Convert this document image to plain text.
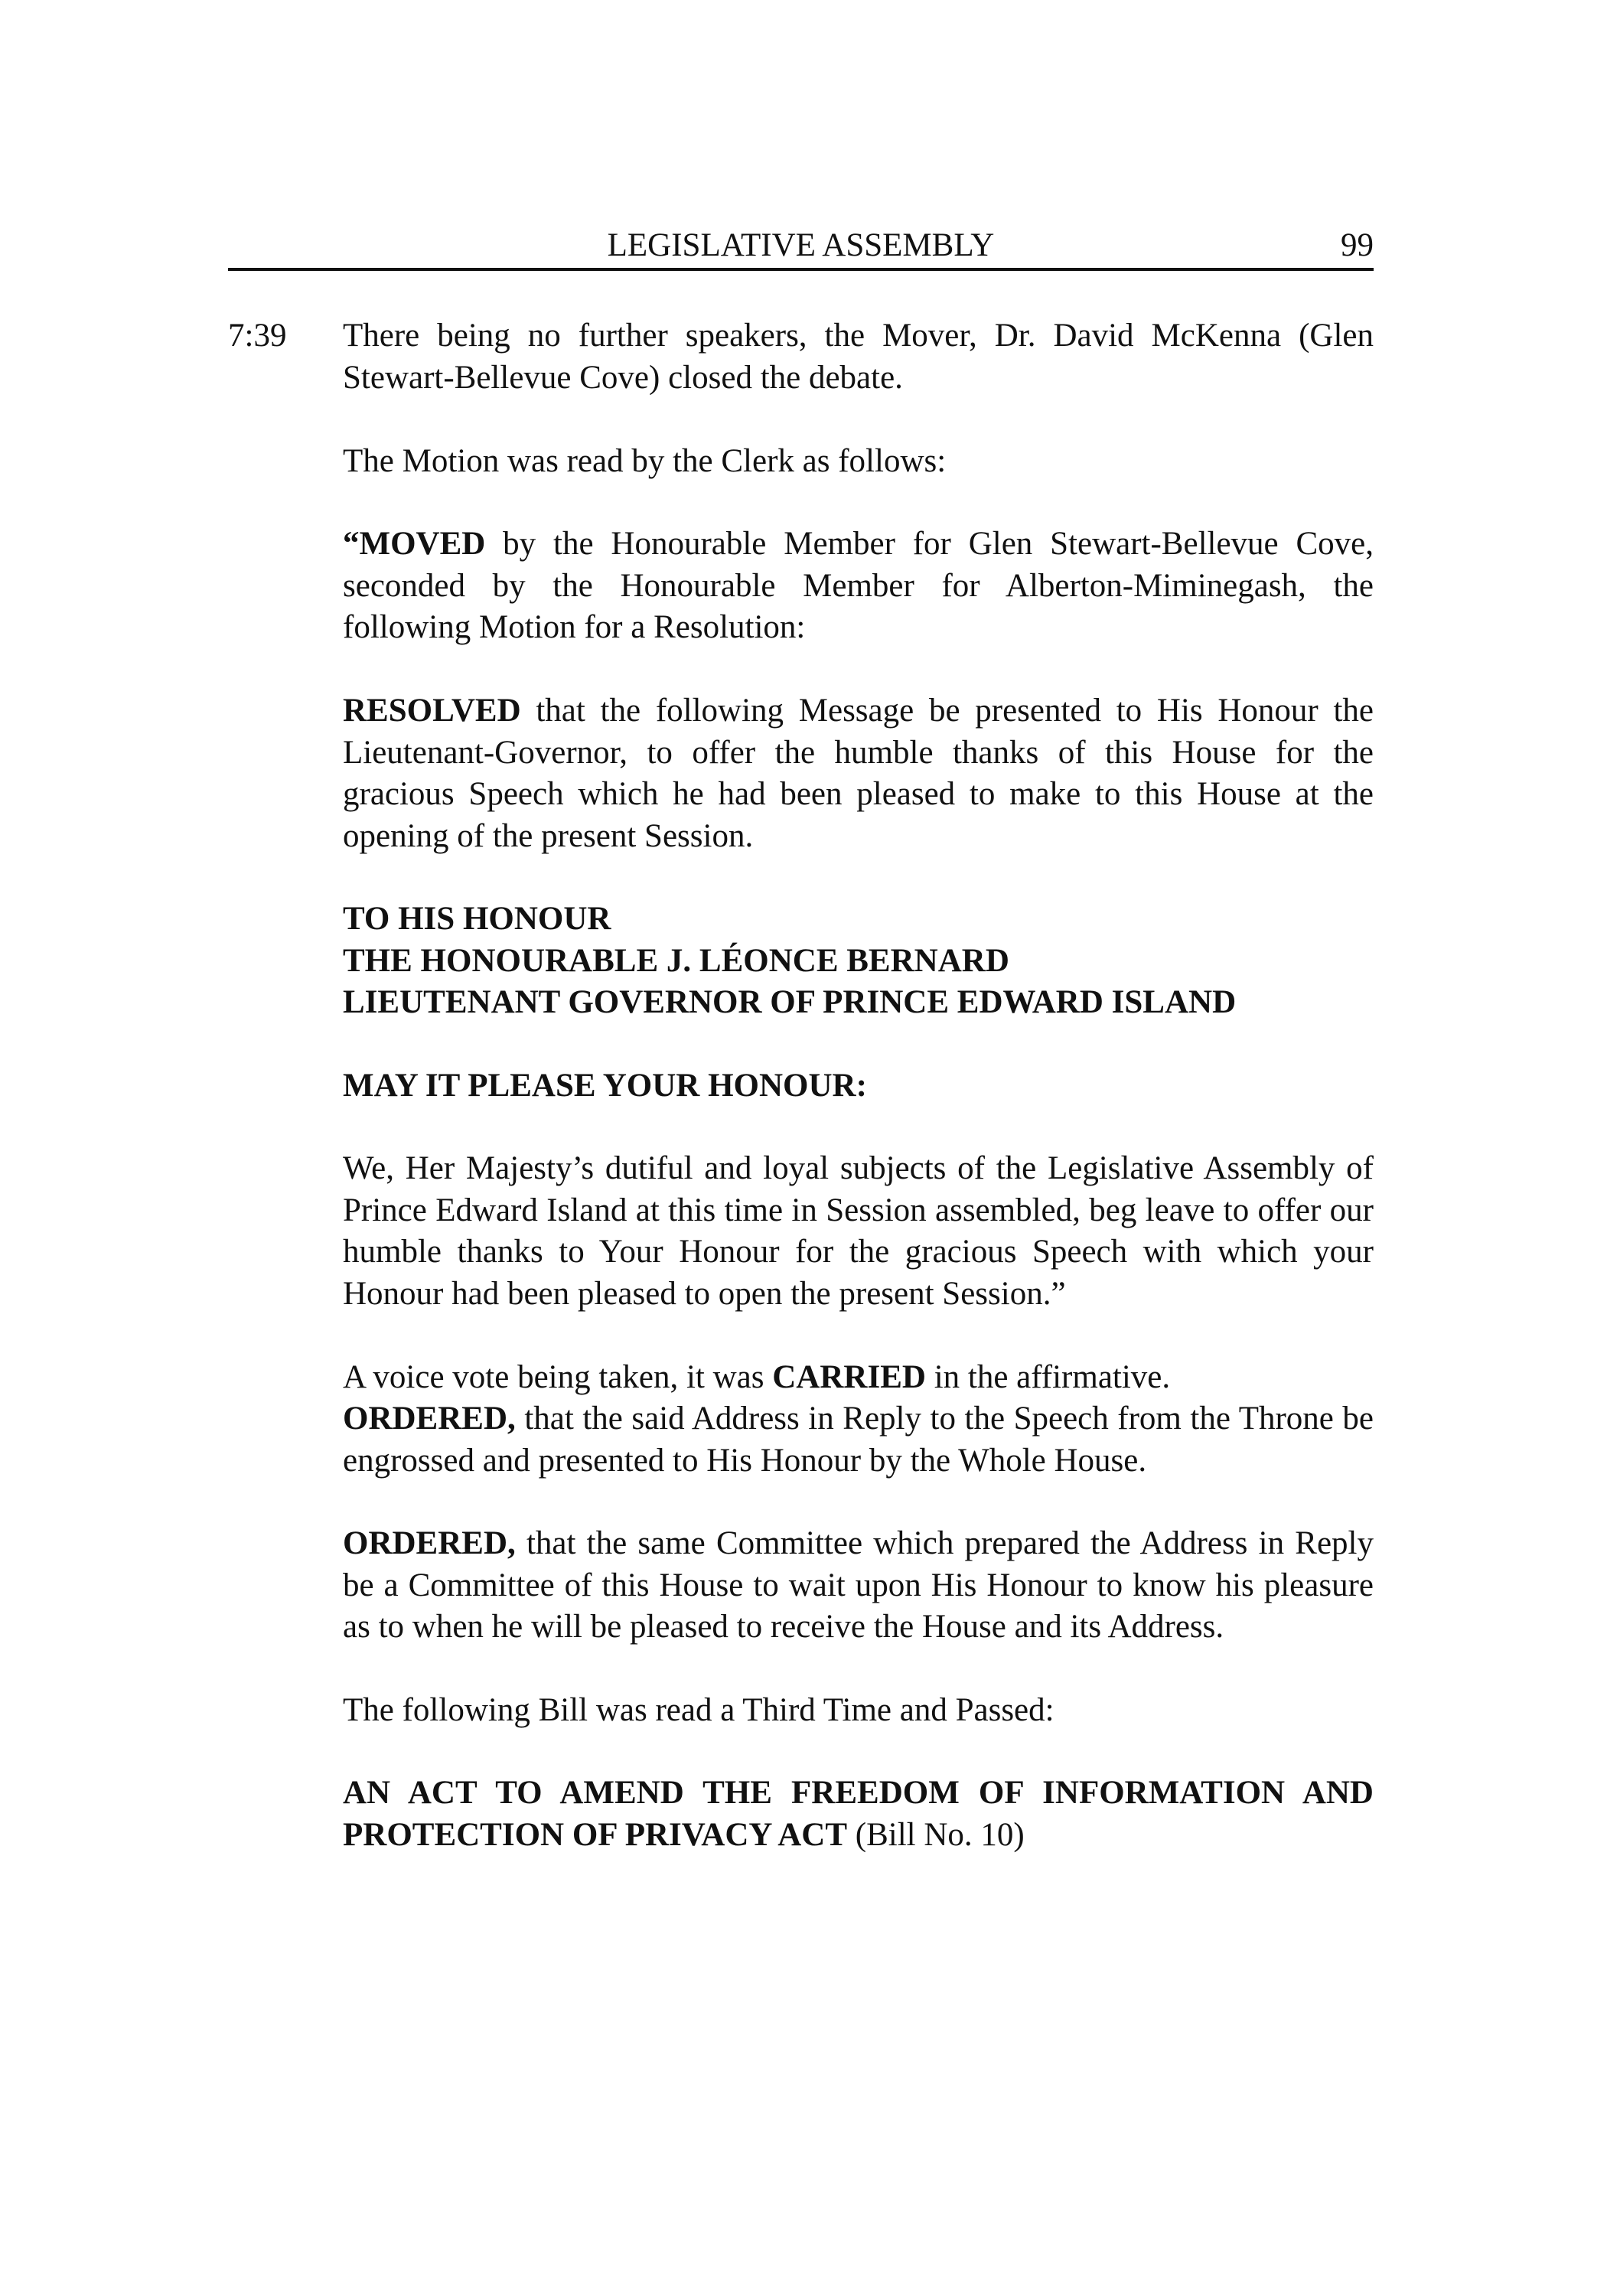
LEGISLATIVE ASSEMBLY	99
7:39 There being no further speakers, the Mover, Dr. David McKenna (Glen Stewart-Bellevue Cove) closed the debate.

The Motion was read by the Clerk as follows:

“MOVED by the Honourable Member for Glen Stewart-Bellevue Cove, seconded by the Honourable Member for Alberton-Miminegash, the following Motion for a Resolution:

RESOLVED that the following Message be presented to His Honour the Lieutenant-Governor, to offer the humble thanks of this House for the gracious Speech which he had been pleased to make to this House at the opening of the present Session.

TO HIS HONOUR

THE HONOURABLE J. LÉONCE BERNARD

LIEUTENANT GOVERNOR OF PRINCE EDWARD ISLAND

MAY IT PLEASE YOUR HONOUR:

We, Her Majesty’s dutiful and loyal subjects of the Legislative Assembly of Prince Edward Island at this time in Session assembled, beg leave to offer our humble thanks to Your Honour for the gracious Speech with which your Honour had been pleased to open the present Session.”

A voice vote being taken, it was CARRIED in the affirmative.

ORDERED, that the said Address in Reply to the Speech from the Throne be engrossed and presented to His Honour by the Whole House.

ORDERED, that the same Committee which prepared the Address in Reply be a Committee of this House to wait upon His Honour to know his pleasure as to when he will be pleased to receive the House and its Address.

The following Bill was read a Third Time and Passed:

AN ACT TO AMEND THE FREEDOM OF INFORMATION AND PROTECTION OF PRIVACY ACT (Bill No. 10)
